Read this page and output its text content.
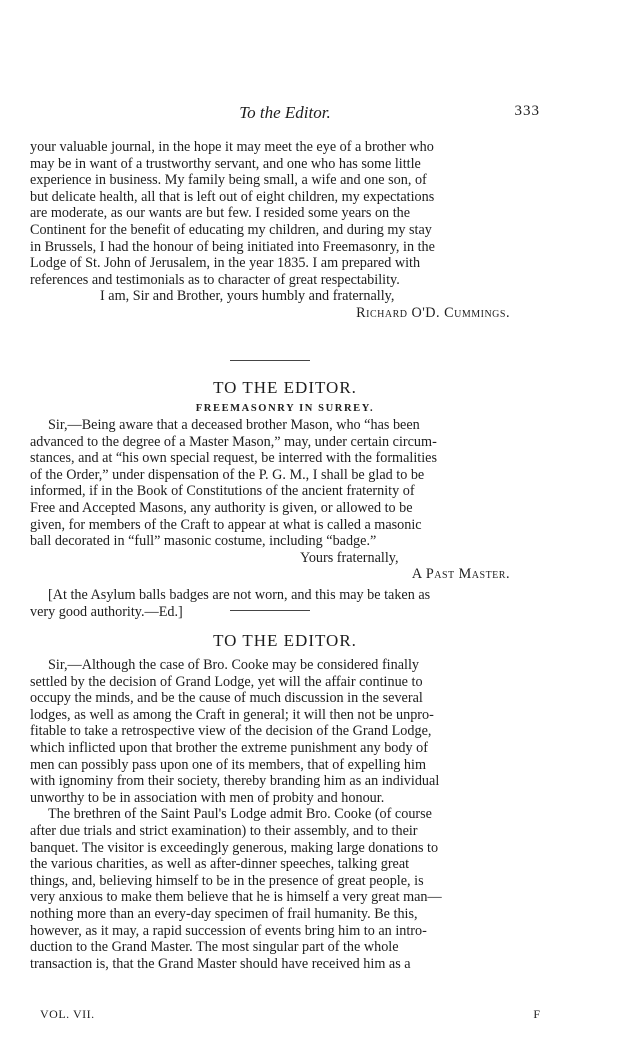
To the Editor.	333

your valuable journal, in the hope it may meet the eye of a brother who
may be in want of a trustworthy servant, and one who has some little
experience in business. My family being small, a wife and one son, of
but delicate health, all that is left out of eight children, my expectations
are moderate, as our wants are but few. I resided some years on the
Continent for the benefit of educating my children, and during my stay
in Brussels, I had the honour of being initiated into Freemasonry, in the
Lodge of St. John of Jerusalem, in the year 1835. I am prepared with
references and testimonials as to character of great respectability.

I am, Sir and Brother, yours humbly and fraternally,

Richard O'D. Cummings.

TO THE EDITOR.

FREEMASONRY IN SURREY.

Sir,—Being aware that a deceased brother Mason, who “has been
advanced to the degree of a Master Mason,” may, under certain circum-
stances, and at “his own special request, be interred with the formalities
of the Order,” under dispensation of the P. G. M., I shall be glad to be
informed, if in the Book of Constitutions of the ancient fraternity of
Free and Accepted Masons, any authority is given, or allowed to be
given, for members of the Craft to appear at what is called a masonic
ball decorated in “full” masonic costume, including “badge.”

Yours fraternally,

A Past Master.

[At the Asylum balls badges are not worn, and this may be taken as
very good authority.—Ed.]

TO THE EDITOR.

Sir,—Although the case of Bro. Cooke may be considered finally
settled by the decision of Grand Lodge, yet will the affair continue to
occupy the minds, and be the cause of much discussion in the several
lodges, as well as among the Craft in general; it will then not be unpro-
fitable to take a retrospective view of the decision of the Grand Lodge,
which inflicted upon that brother the extreme punishment any body of
men can possibly pass upon one of its members, that of expelling him
with ignominy from their society, thereby branding him as an individual
unworthy to be in association with men of probity and honour.

The brethren of the Saint Paul's Lodge admit Bro. Cooke (of course
after due trials and strict examination) to their assembly, and to their
banquet. The visitor is exceedingly generous, making large donations to
the various charities, as well as after-dinner speeches, talking great
things, and, believing himself to be in the presence of great people, is
very anxious to make them believe that he is himself a very great man—
nothing more than an every-day specimen of frail humanity. Be this,
however, as it may, a rapid succession of events bring him to an intro-
duction to the Grand Master. The most singular part of the whole
transaction is, that the Grand Master should have received him as a

VOL. VII.	F
